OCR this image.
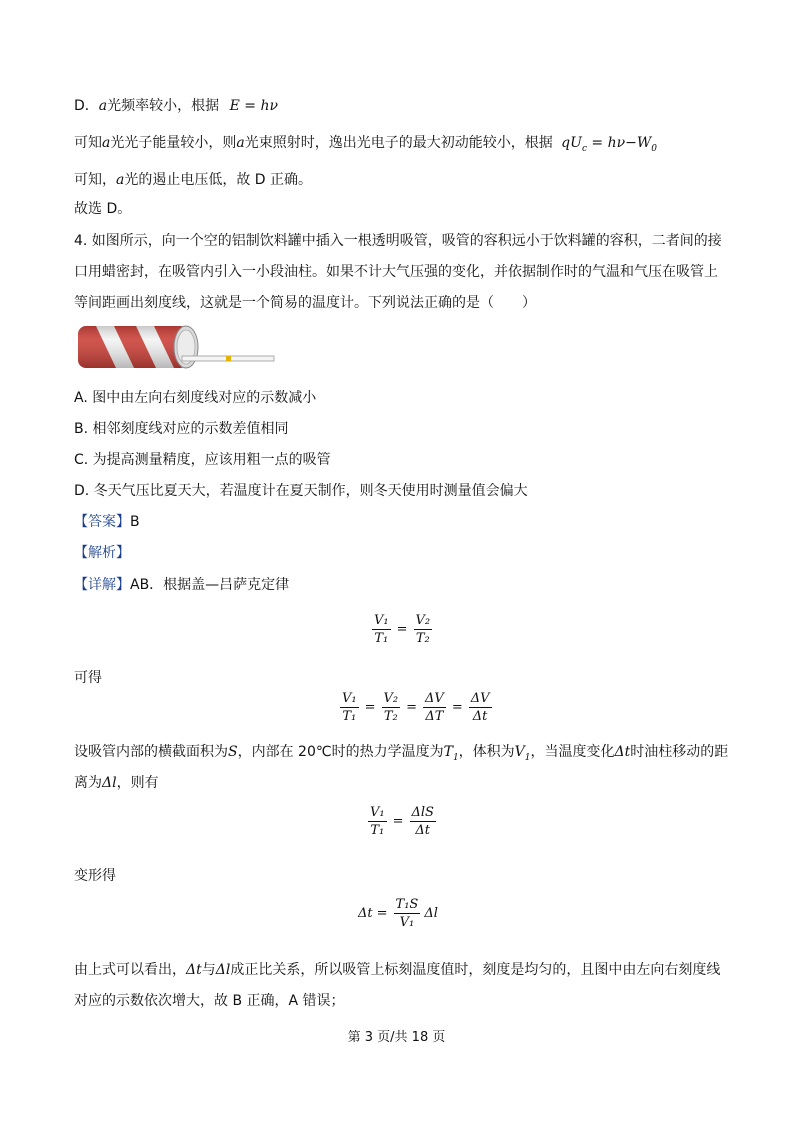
D．a光频率较小，根据 E = hν
可知a光光子能量较小，则a光束照射时，逸出光电子的最大初动能较小，根据 $qU_c = h\nu-W_0$
可知，a光的遏止电压低，故 D 正确。
故选 D。
4. 如图所示，向一个空的铝制饮料罐中插入一根透明吸管，吸管的容积远小于饮料罐的容积，二者间的接
口用蜡密封，在吸管内引入一小段油柱。如果不计大气压强的变化，并依据制作时的气温和气压在吸管上
等间距画出刻度线，这就是一个简易的温度计。下列说法正确的是（　　）
A. 图中由左向右刻度线对应的示数减小
B. 相邻刻度线对应的示数差值相同
C. 为提高测量精度，应该用粗一点的吸管
D. 冬天气压比夏天大，若温度计在夏天制作，则冬天使用时测量值会偏大
【答案】B
【解析】
【详解】AB．根据盖—吕萨克定律
$\frac{\text{V₁}}{\text{T₁}} = \frac{\text{V₂}}{\text{T₂}}$
可得
$\frac{\text{V₁}}{\text{T₁}} = \frac{\text{V₂}}{\text{T₂}} = \frac{\Delta V}{\Delta T} = \frac{\Delta V}{\Delta t}$
设吸管内部的横截面积为S，内部在 20℃时的热力学温度为$T_1$，体积为$V_1$，当温度变化Δt时油柱移动的距
离为Δl，则有
$\frac{\text{V₁}}{\text{T₁}} = \frac{\text{ΔlS}}{\Delta t}$
变形得
$\Delta t = \frac{\text{T₁S}}{\text{V₁}}$ Δl
由上式可以看出，Δt与Δl成正比关系，所以吸管上标刻温度值时，刻度是均匀的，且图中由左向右刻度线
对应的示数依次增大，故 B 正确，A 错误；
第 3 页/共 18 页
